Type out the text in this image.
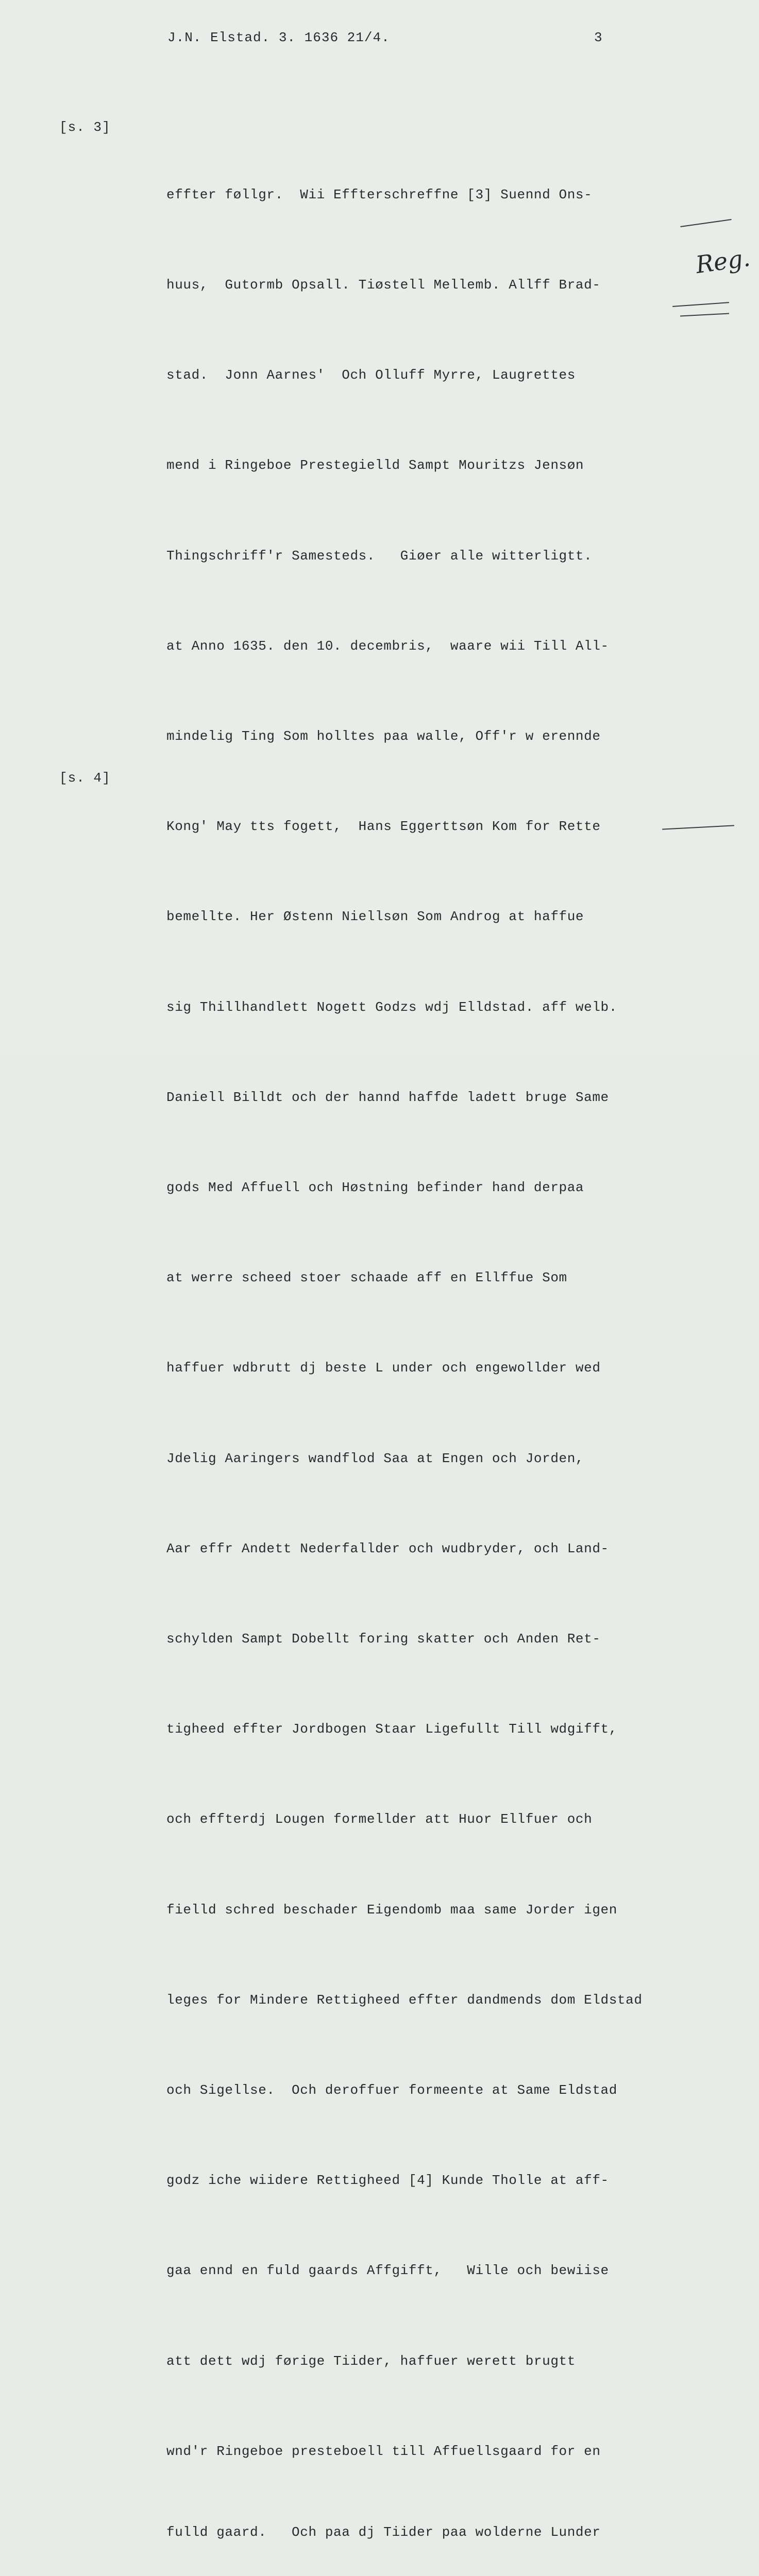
J.N. Elstad. 3. 1636 21/4.	3
[s. 3]
[s. 4]
Reg.

effter føllgr.  Wii Effterschreffne [3] Suennd Ons-

huus,  Gutormb Opsall. Tiøstell Mellemb. Allff Brad-

stad.  Jonn Aarnes'  Och Olluff Myrre, Laugrettes

mend i Ringeboe Prestegielld Sampt Mouritzs Jensøn

Thingschriff'r Samesteds.   Giøer alle witterligtt.

at Anno 1635. den 10. decembris,  waare wii Till All-

mindelig Ting Som holltes paa walle, Off'r w erennde

Kong' May tts fogett,  Hans Eggerttsøn Kom for Rette

bemellte. Her Østenn Niellsøn Som Androg at haffue

sig Thillhandlett Nogett Godzs wdj Elldstad. aff welb.

Daniell Billdt och der hannd haffde ladett bruge Same

gods Med Affuell och Høstning befinder hand derpaa

at werre scheed stoer schaade aff en Ellffue Som

haffuer wdbrutt dj beste L under och engewollder wed

Jdelig Aaringers wandflod Saa at Engen och Jorden,

Aar effr Andett Nederfallder och wudbryder, och Land-

schylden Sampt Dobellt foring skatter och Anden Ret-

tigheed effter Jordbogen Staar Ligefullt Till wdgifft,

och effterdj Lougen formellder att Huor Ellfuer och

fielld schred beschader Eigendomb maa same Jorder igen

leges for Mindere Rettigheed effter dandmends dom Eldstad

och Sigellse.  Och deroffuer formeente at Same Eldstad

godz iche wiidere Rettigheed [4] Kunde Tholle at aff-

gaa ennd en fuld gaards Affgifft,   Wille och bewiise

att dett wdj førige Tiider, haffuer werett brugtt

wnd'r Ringeboe presteboell till Affuellsgaard for en

fulld gaard.   Och paa dj Tiider paa wolderne Lunder
